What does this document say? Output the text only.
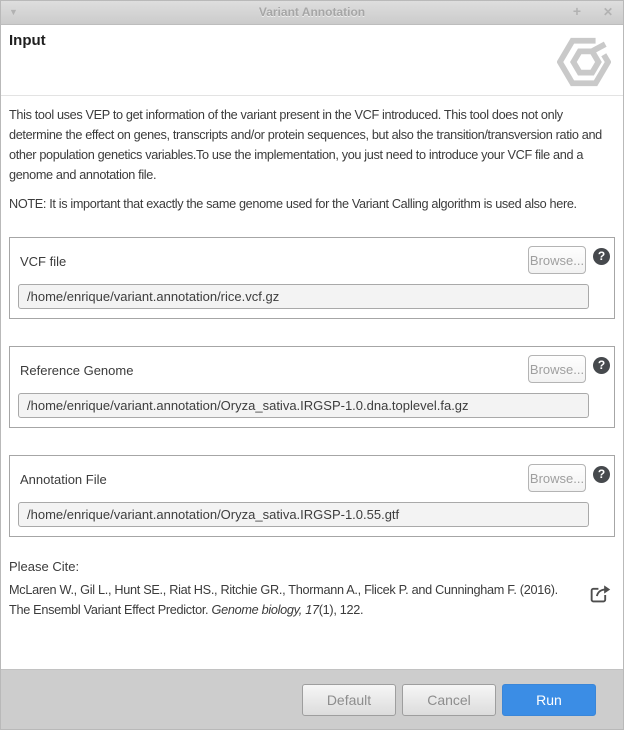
▼	Variant Annotation	+ ✕
Input

This tool uses VEP to get information of the variant present in the VCF introduced. This tool does not only determine the effect on genes, transcripts and/or protein sequences, but also the transition/transversion ratio and other population genetics variables.To use the implementation, you just need to introduce your VCF file and a genome and annotation file.

NOTE: It is important that exactly the same genome used for the Variant Calling algorithm is used also here.

VCF file	Browse...	?
/home/enrique/variant.annotation/rice.vcf.gz
Reference Genome	Browse...	?
/home/enrique/variant.annotation/Oryza_sativa.IRGSP-1.0.dna.toplevel.fa.gz
Annotation File	Browse...	?
/home/enrique/variant.annotation/Oryza_sativa.IRGSP-1.0.55.gtf

Please Cite:

McLaren W., Gil L., Hunt SE., Riat HS., Ritchie GR., Thormann A., Flicek P. and Cunningham F. (2016). The Ensembl Variant Effect Predictor. Genome biology, 17(1), 122.

Default	Cancel	Run
